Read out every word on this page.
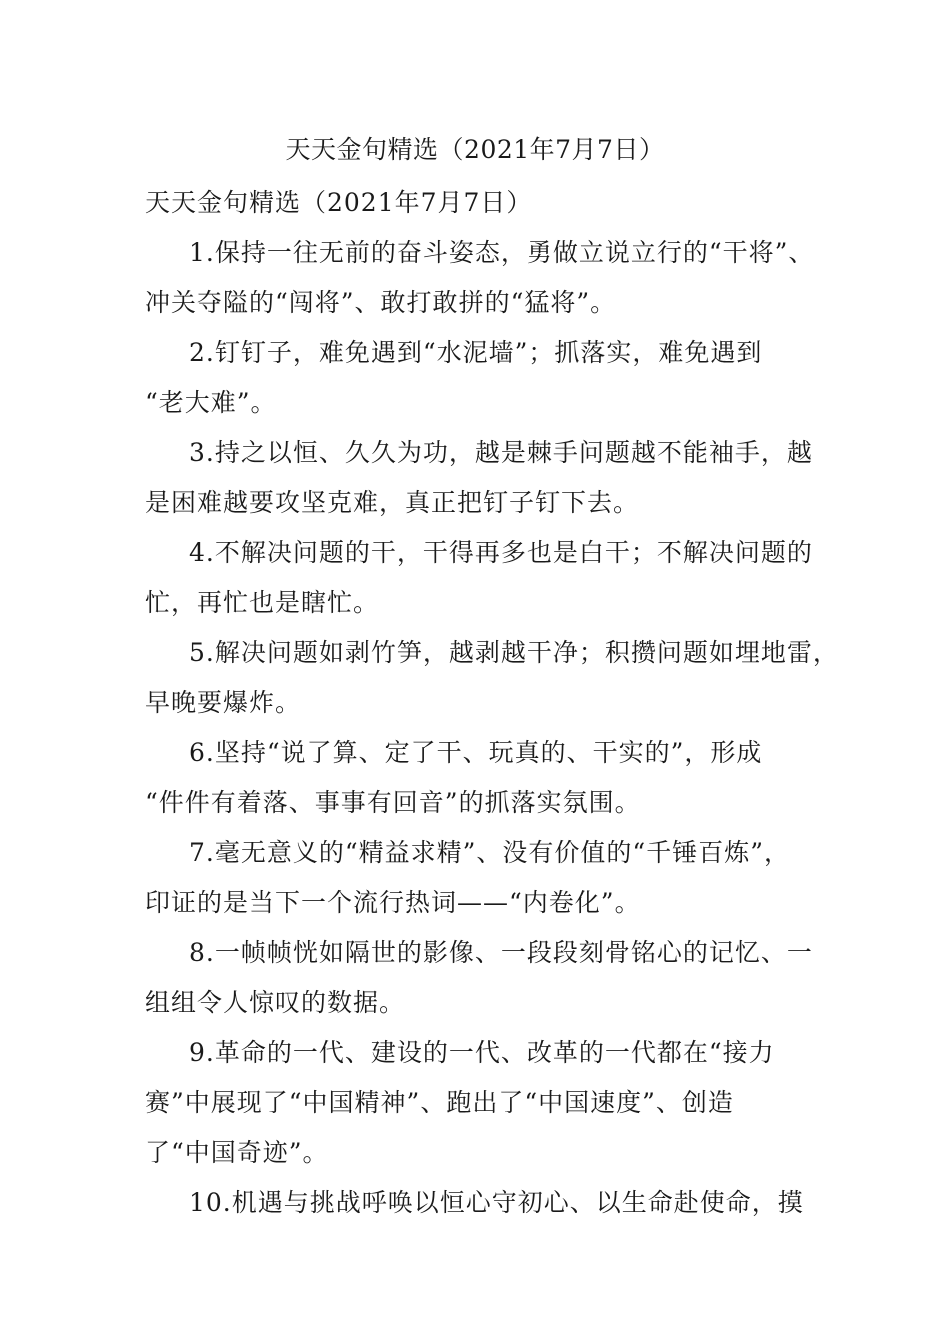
天天金句精选（2021年7月7日）
天天金句精选（2021年7月7日）
1.保持一往无前的奋斗姿态，勇做立说立行的“干将”、
冲关夺隘的“闯将”、敢打敢拼的“猛将”。
2.钉钉子，难免遇到“水泥墙”；抓落实，难免遇到
“老大难”。
3.持之以恒、久久为功，越是棘手问题越不能袖手，越
是困难越要攻坚克难，真正把钉子钉下去。
4.不解决问题的干，干得再多也是白干；不解决问题的
忙，再忙也是瞎忙。
5.解决问题如剥竹笋，越剥越干净；积攒问题如埋地雷，
早晚要爆炸。
6.坚持“说了算、定了干、玩真的、干实的”，形成
“件件有着落、事事有回音”的抓落实氛围。
7.毫无意义的“精益求精”、没有价值的“千锤百炼”，
印证的是当下一个流行热词——“内卷化”。
8.一帧帧恍如隔世的影像、一段段刻骨铭心的记忆、一
组组令人惊叹的数据。
9.革命的一代、建设的一代、改革的一代都在“接力
赛”中展现了“中国精神”、跑出了“中国速度”、创造
了“中国奇迹”。
10.机遇与挑战呼唤以恒心守初心、以生命赴使命，摸
